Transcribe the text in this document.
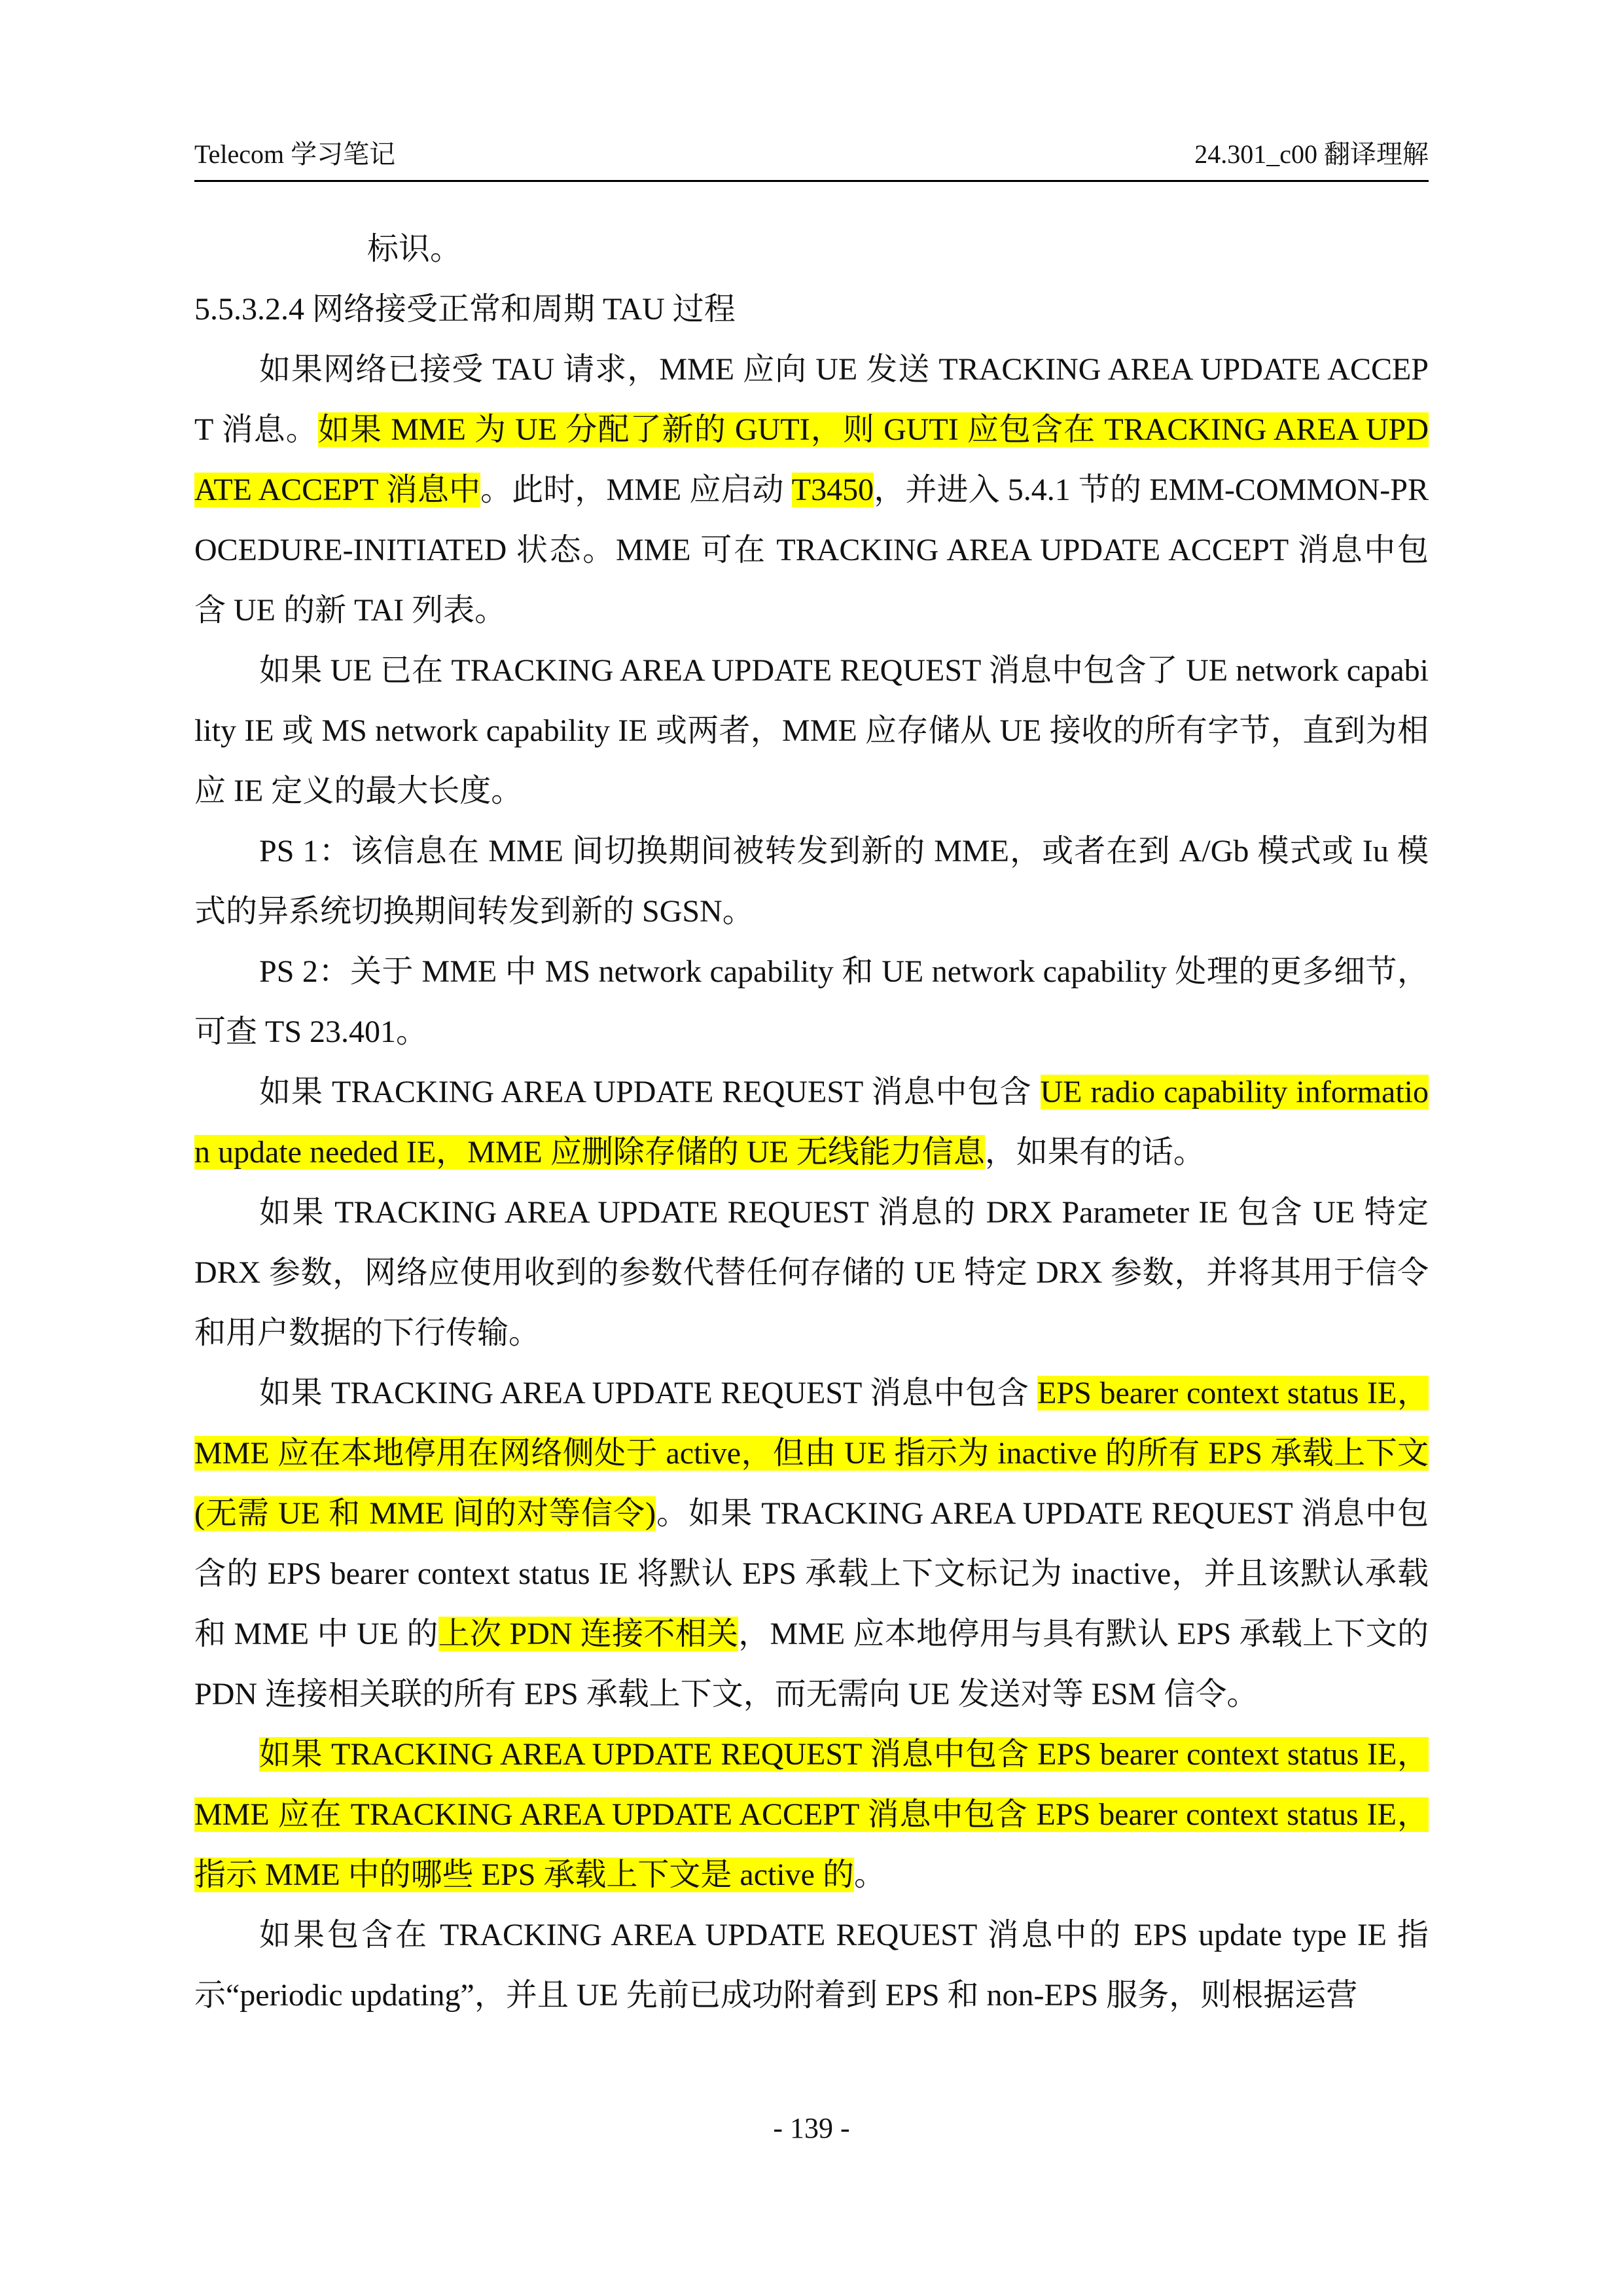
Telecom 学习笔记	24.301_c00 翻译理解
标识。
5.5.3.2.4 网络接受正常和周期 TAU 过程

如果网络已接受 TAU 请求，MME 应向 UE 发送 TRACKING AREA UPDATE ACCEPT 消息。如果 MME 为 UE 分配了新的 GUTI，则 GUTI 应包含在 TRACKING AREA UPDATE ACCEPT 消息中。此时，MME 应启动 T3450，并进入 5.4.1 节的 EMM-COMMON-PROCEDURE-INITIATED 状态。MME 可在 TRACKING AREA UPDATE ACCEPT 消息中包含 UE 的新 TAI 列表。

如果 UE 已在 TRACKING AREA UPDATE REQUEST 消息中包含了 UE network capability IE 或 MS network capability IE 或两者，MME 应存储从 UE 接收的所有字节，直到为相应 IE 定义的最大长度。

PS 1：该信息在 MME 间切换期间被转发到新的 MME，或者在到 A/Gb 模式或 Iu 模式的异系统切换期间转发到新的 SGSN。

PS 2：关于 MME 中 MS network capability 和 UE network capability 处理的更多细节，可查 TS 23.401。

如果 TRACKING AREA UPDATE REQUEST 消息中包含 UE radio capability information update needed IE，MME 应删除存储的 UE 无线能力信息，如果有的话。

如果 TRACKING AREA UPDATE REQUEST 消息的 DRX Parameter IE 包含 UE 特定 DRX 参数，网络应使用收到的参数代替任何存储的 UE 特定 DRX 参数，并将其用于信令和用户数据的下行传输。

如果 TRACKING AREA UPDATE REQUEST 消息中包含 EPS bearer context status IE，MME 应在本地停用在网络侧处于 active，但由 UE 指示为 inactive 的所有 EPS 承载上下文(无需 UE 和 MME 间的对等信令)。如果 TRACKING AREA UPDATE REQUEST 消息中包含的 EPS bearer context status IE 将默认 EPS 承载上下文标记为 inactive，并且该默认承载和 MME 中 UE 的上次 PDN 连接不相关，MME 应本地停用与具有默认 EPS 承载上下文的 PDN 连接相关联的所有 EPS 承载上下文，而无需向 UE 发送对等 ESM 信令。

如果 TRACKING AREA UPDATE REQUEST 消息中包含 EPS bearer context status IE，MME 应在 TRACKING AREA UPDATE ACCEPT 消息中包含 EPS bearer context status IE，指示 MME 中的哪些 EPS 承载上下文是 active 的。

如果包含在 TRACKING AREA UPDATE REQUEST 消息中的 EPS update type IE 指示“periodic updating”，并且 UE 先前已成功附着到 EPS 和 non-EPS 服务，则根据运营

- 139 -
